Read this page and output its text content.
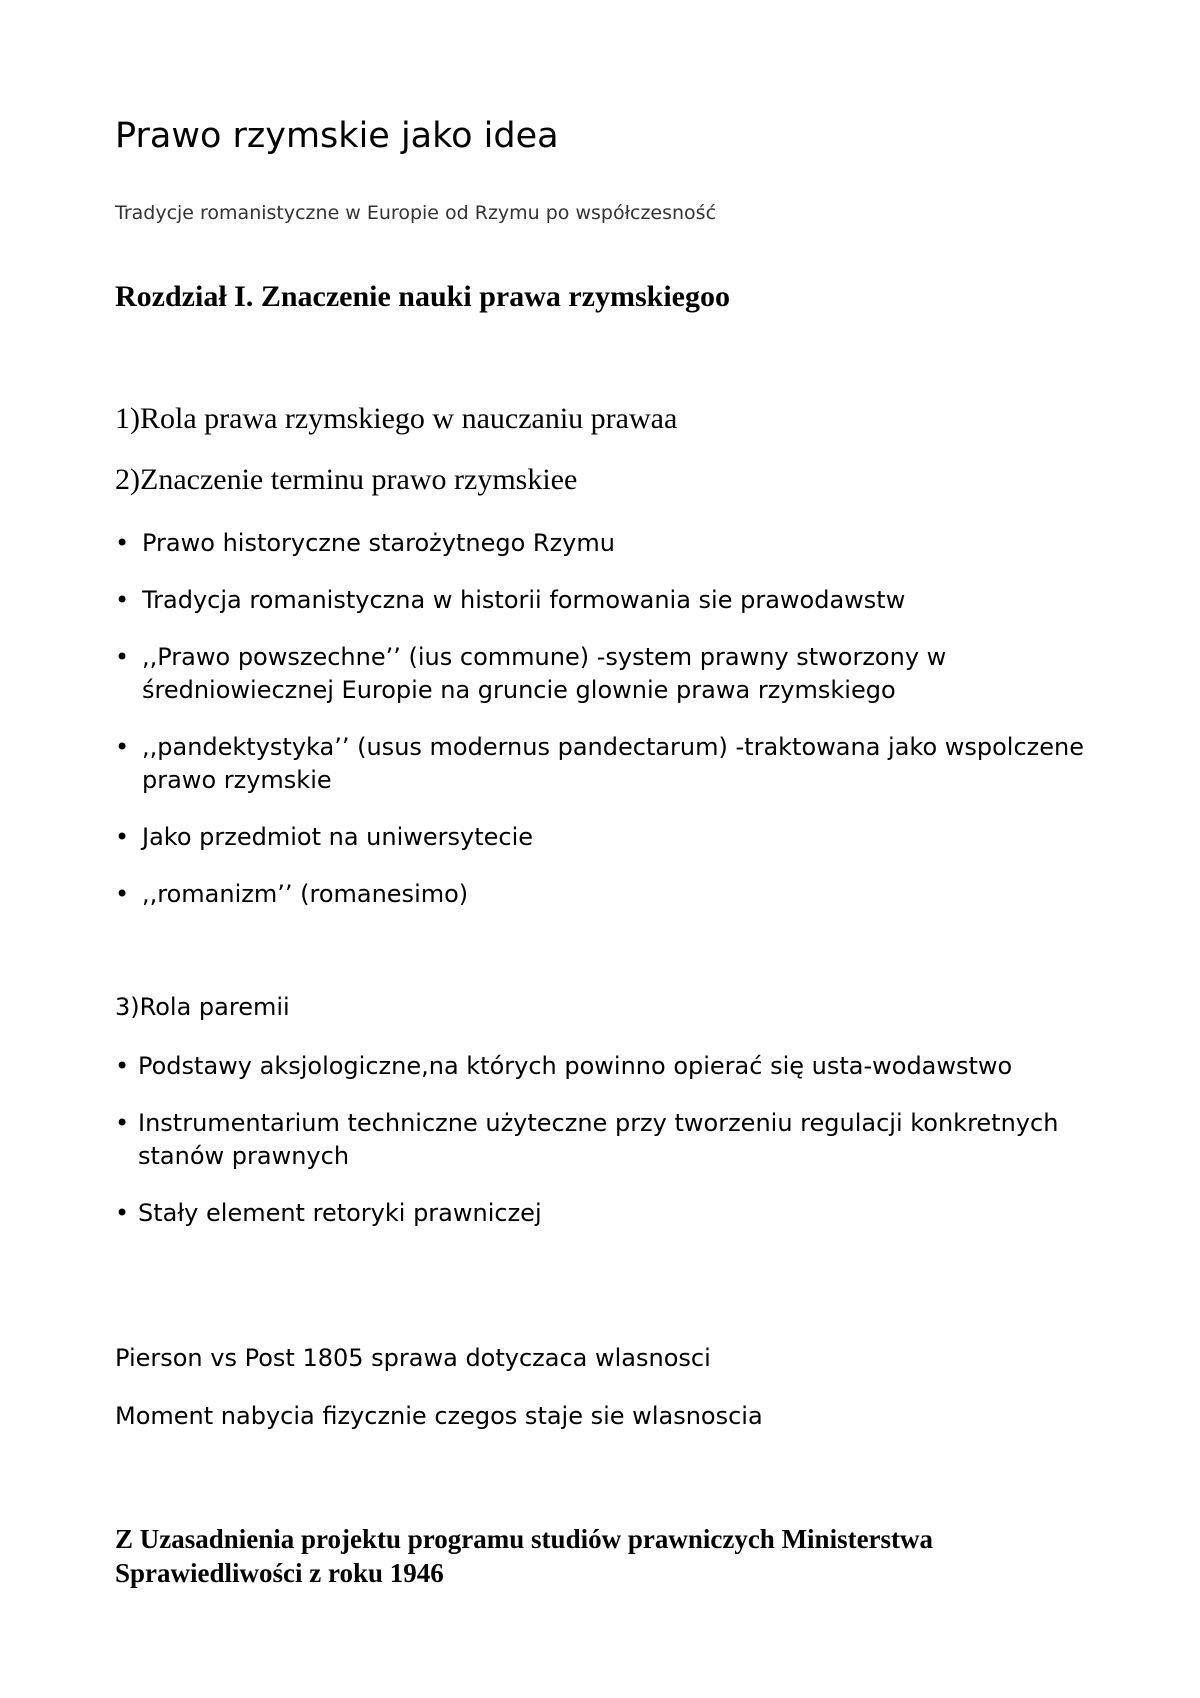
Prawo rzymskie jako idea
Tradycje romanistyczne w Europie od Rzymu po współczesność
Rozdział I. Znaczenie nauki prawa rzymskiegoo
1)Rola prawa rzymskiego w nauczaniu prawaa
2)Znaczenie terminu prawo rzymskiee
• Prawo historyczne starożytnego Rzymu
• Tradycja romanistyczna w historii formowania sie prawodawstw
• ,,Prawo powszechne’’ (ius commune) -system prawny stworzony w średniowiecznej Europie na gruncie glownie prawa rzymskiego
• ,,pandektystyka’’ (usus modernus pandectarum) -traktowana jako wspolczene prawo rzymskie
• Jako przedmiot na uniwersytecie
• ,,romanizm’’ (romanesimo)
3)Rola paremii
• Podstawy aksjologiczne,na których powinno opierać się usta-wodawstwo
• Instrumentarium techniczne użyteczne przy tworzeniu regulacji konkretnych stanów prawnych
• Stały element retoryki prawniczej
Pierson vs Post 1805 sprawa dotyczaca wlasnosci
Moment nabycia fizycznie czegos staje sie wlasnoscia
Z Uzasadnienia projektu programu studiów prawniczych Ministerstwa Sprawiedliwości z roku 1946
